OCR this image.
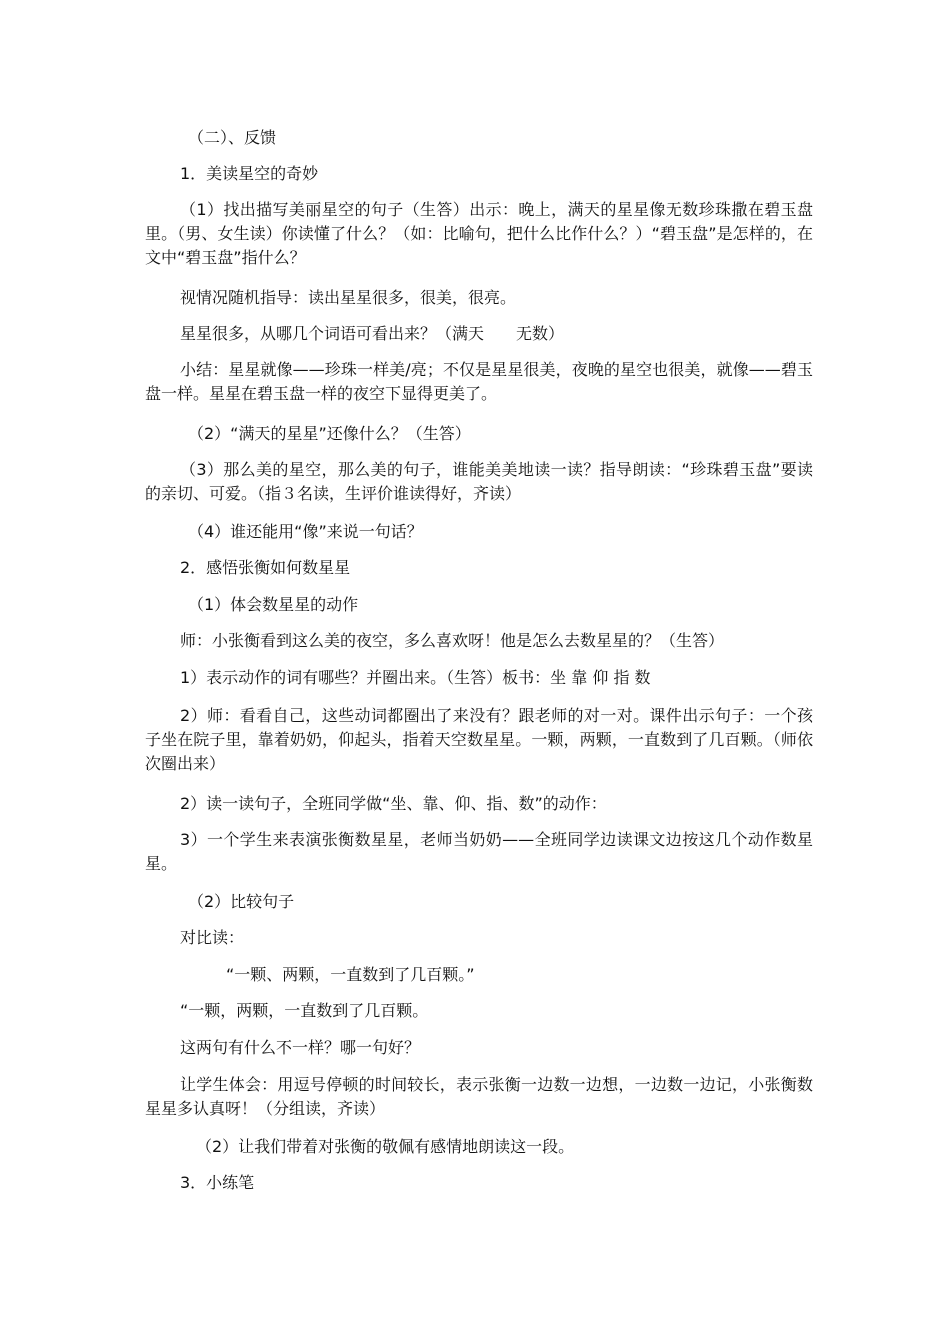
（二）、反馈

1．美读星空的奇妙

（1）找出描写美丽星空的句子（生答）出示：晚上，满天的星星像无数珍珠撒在碧玉盘里。（男、女生读）你读懂了什么？（如：比喻句，把什么比作什么？）“碧玉盘”是怎样的，在文中“碧玉盘”指什么？

视情况随机指导：读出星星很多，很美，很亮。

星星很多，从哪几个词语可看出来？（满天　　无数）

小结：星星就像——珍珠一样美/亮；不仅是星星很美，夜晚的星空也很美，就像——碧玉盘一样。星星在碧玉盘一样的夜空下显得更美了。

（2）“满天的星星”还像什么？（生答）

（3）那么美的星空，那么美的句子，谁能美美地读一读？指导朗读：“珍珠碧玉盘”要读的亲切、可爱。（指３名读，生评价谁读得好，齐读）

（4）谁还能用“像”来说一句话？

2．感悟张衡如何数星星

（1）体会数星星的动作

师：小张衡看到这么美的夜空，多么喜欢呀！他是怎么去数星星的？（生答）

1）表示动作的词有哪些？并圈出来。（生答）板书：坐 靠 仰 指 数

2）师：看看自己，这些动词都圈出了来没有？跟老师的对一对。课件出示句子：一个孩子坐在院子里，靠着奶奶，仰起头，指着天空数星星。一颗，两颗，一直数到了几百颗。（师依次圈出来）

2）读一读句子，全班同学做“坐、靠、仰、指、数”的动作：

3）一个学生来表演张衡数星星，老师当奶奶——全班同学边读课文边按这几个动作数星星。

（2）比较句子

对比读：

“一颗、两颗，一直数到了几百颗。”

“一颗，两颗，一直数到了几百颗。

这两句有什么不一样？哪一句好？

让学生体会：用逗号停顿的时间较长，表示张衡一边数一边想，一边数一边记，小张衡数星星多认真呀！（分组读，齐读）

（2）让我们带着对张衡的敬佩有感情地朗读这一段。

3．小练笔
